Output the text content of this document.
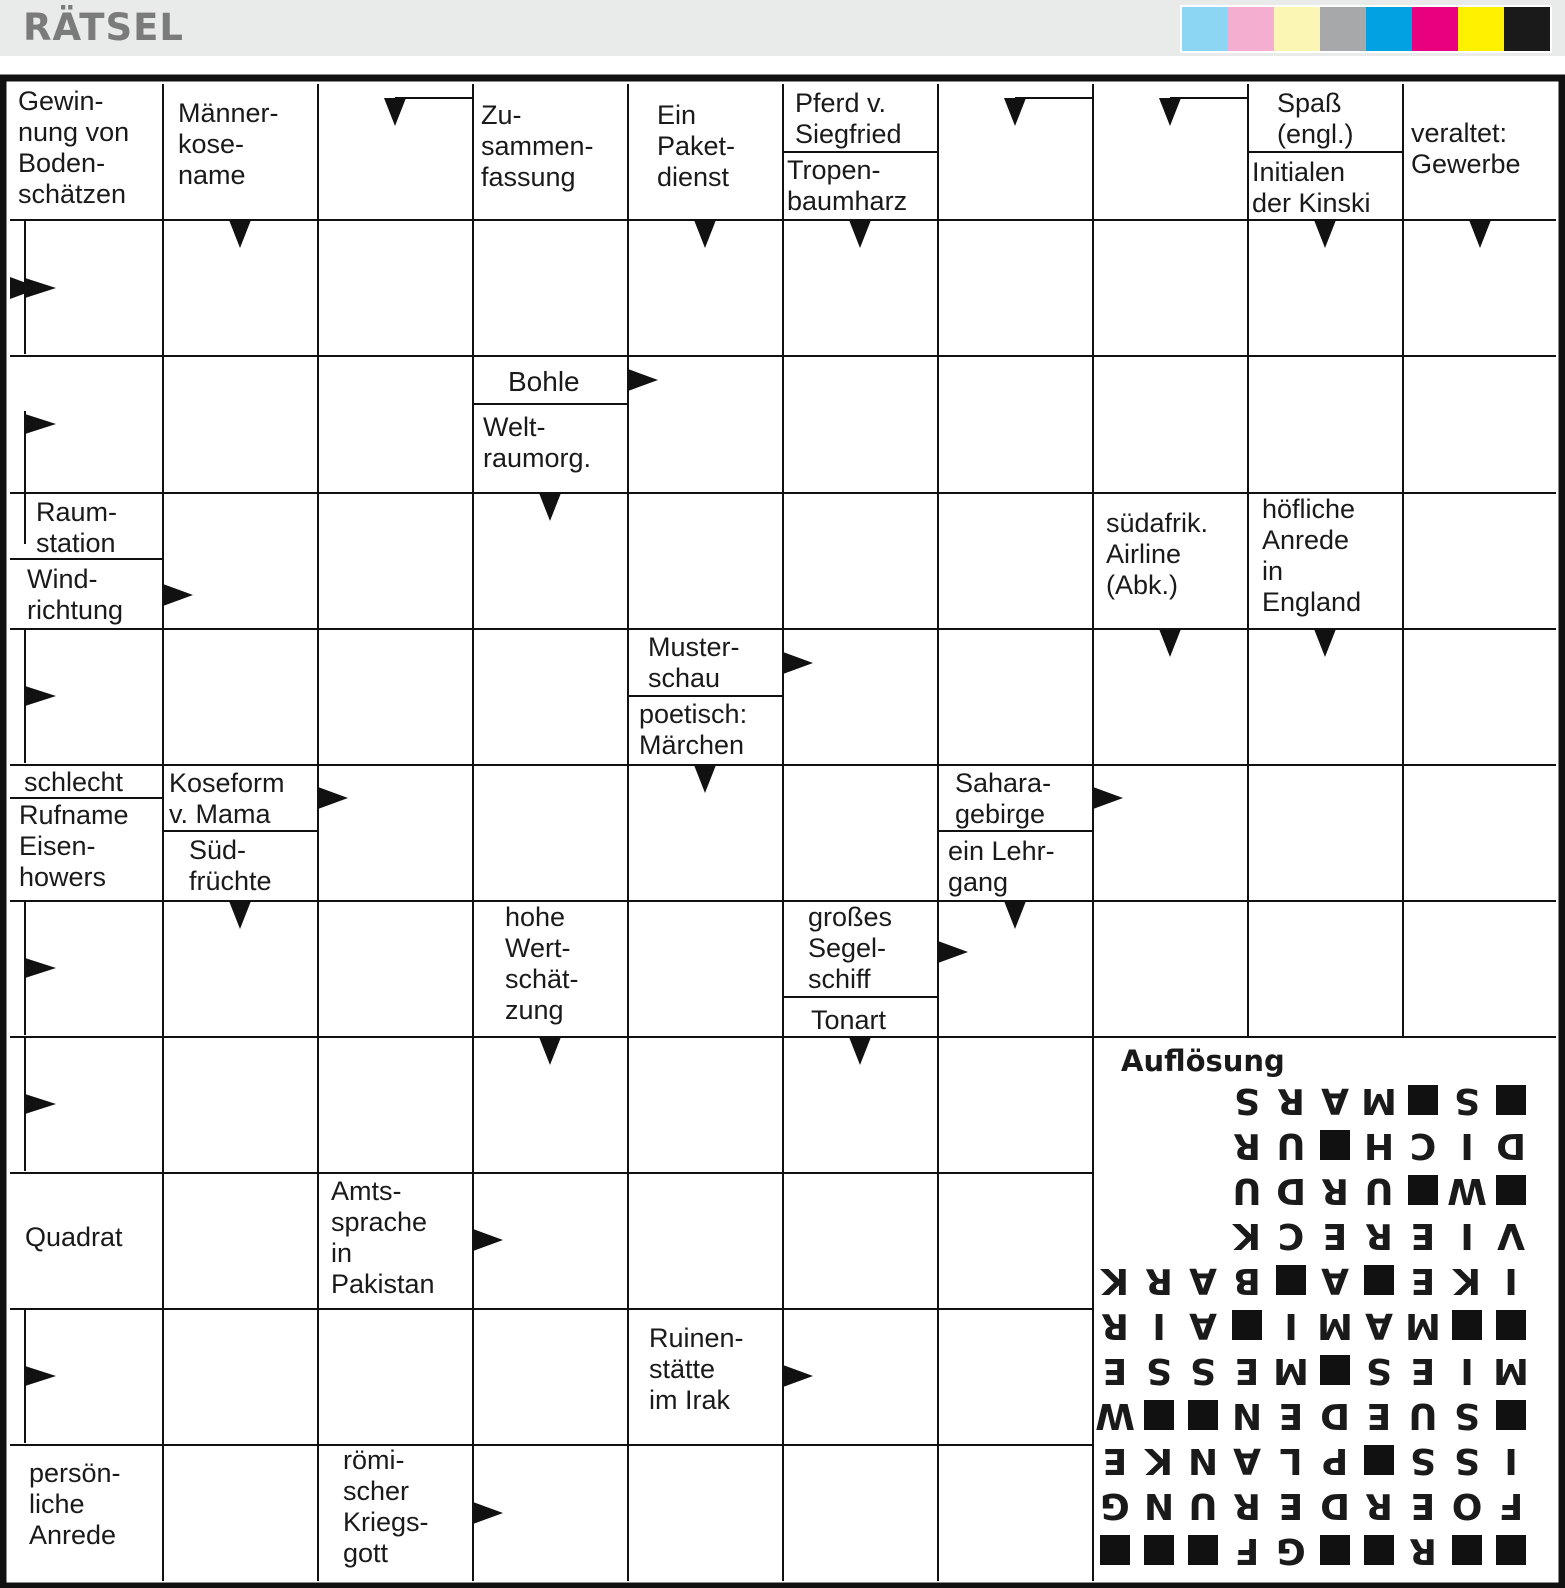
RÄTSEL
Gewin-
nung von
Boden-
schätzen
Männer-
kose-
name
Zu-
sammen-
fassung
Ein
Paket-
dienst
Pferd v.
Siegfried
Tropen-
baumharz
Spaß
(engl.)
Initialen
der Kinski
veraltet:
Gewerbe
Bohle
Welt-
raumorg.
Raum-
station
Wind-
richtung
südafrik.
Airline
(Abk.)
höfliche
Anrede
in
England
Muster-
schau
poetisch:
Märchen
schlecht
Rufname
Eisen-
howers
Koseform
v. Mama
Süd-
früchte
Sahara-
gebirge
ein Lehr-
gang
hohe
Wert-
schät-
zung
großes
Segel-
schiff
Tonart
Quadrat
Amts-
sprache
in
Pakistan
Ruinen-
stätte
im Irak
persön-
liche
Anrede
römi-
scher
Kriegs-
gott
Auflösung
S R A M S
R U H C I D
U D R U W
K C E R E I V
K R A B A E K I
R I A	I M A M
E S S E M S E I M
W	N E D E U S
E K N A L P S S I
G N U R E D R E O F
F G	R
